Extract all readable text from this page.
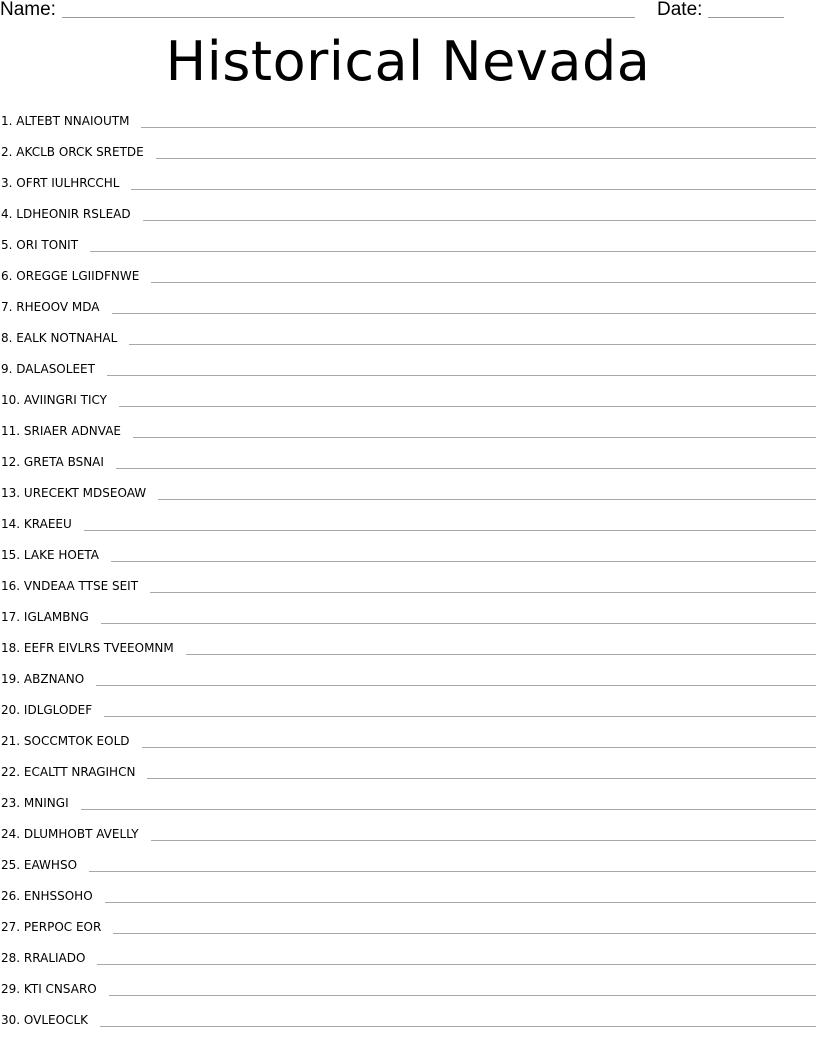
Name:	Date:
Historical Nevada
1. ALTEBT NNAIOUTM
2. AKCLB ORCK SRETDE
3. OFRT IULHRCCHL
4. LDHEONIR RSLEAD
5. ORI TONIT
6. OREGGE LGIIDFNWE
7. RHEOOV MDA
8. EALK NOTNAHAL
9. DALASOLEET
10. AVIINGRI TICY
11. SRIAER ADNVAE
12. GRETA BSNAI
13. URECEKT MDSEOAW
14. KRAEEU
15. LAKE HOETA
16. VNDEAA TTSE SEIT
17. IGLAMBNG
18. EEFR EIVLRS TVEEOMNM
19. ABZNANO
20. IDLGLODEF
21. SOCCMTOK EOLD
22. ECALTT NRAGIHCN
23. MNINGI
24. DLUMHOBT AVELLY
25. EAWHSO
26. ENHSSOHO
27. PERPOC EOR
28. RRALIADO
29. KTI CNSARO
30. OVLEOCLK
